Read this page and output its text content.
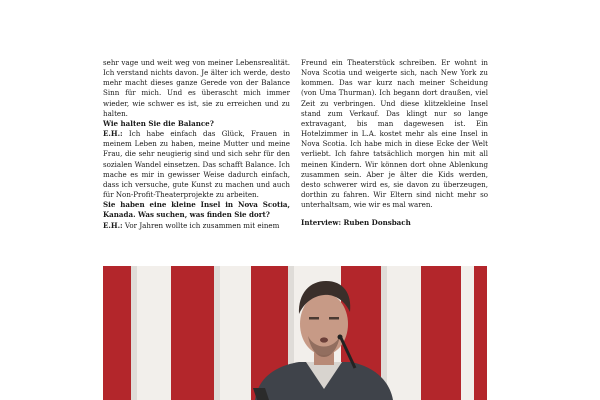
sehr vage und weit weg von meiner Lebensrealität. Ich verstand nichts davon. Je älter ich werde, desto mehr macht dieses ganze Gerede von der Balance Sinn für mich. Und es überascht mich immer wieder, wie schwer es ist, sie zu erreichen und zu halten.

Wie halten Sie die Balance?

E.H.: Ich habe einfach das Glück, Frauen in meinem Leben zu haben, meine Mutter und meine Frau, die sehr neugierig sind und sich sehr für den sozialen Wandel einsetzen. Das schafft Balance. Ich mache es mir in gewisser Weise dadurch einfach, dass ich versuche, gute Kunst zu machen und auch für Non-Profit-Theaterprojekte zu arbeiten.

Sie haben eine kleine Insel in Nova Scotia, Kanada. Was suchen, was finden Sie dort?

E.H.: Vor Jahren wollte ich zusammen mit einem

Freund ein Theaterstück schreiben. Er wohnt in Nova Scotia und weigerte sich, nach New York zu kommen. Das war kurz nach meiner Scheidung (von Uma Thurman). Ich begann dort draußen, viel Zeit zu verbringen. Und diese klitzekleine Insel stand zum Verkauf. Das klingt nur so lange extravagant, bis man dagewesen ist. Ein Hotelzimmer in L.A. kostet mehr als eine Insel in Nova Scotia. Ich habe mich in diese Ecke der Welt verliebt. Ich fahre tatsächlich morgen hin mit all meinen Kindern. Wir können dort ohne Ablenkung zusammen sein. Aber je älter die Kids werden, desto schwerer wird es, sie davon zu überzeugen, dorthin zu fahren. Wir Eltern sind nicht mehr so unterhaltsam, wie wir es mal waren.

Interview: Ruben Donsbach
